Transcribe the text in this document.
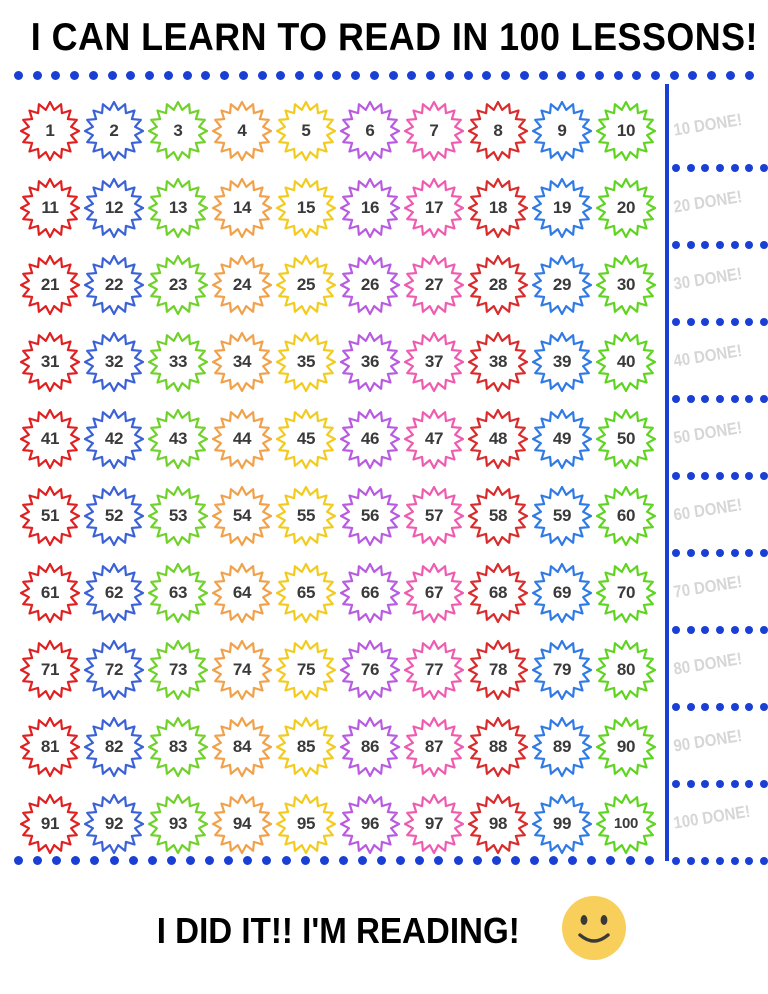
I CAN LEARN TO READ IN 100 LESSONS!
1	2	3	4	5	6	7	8	9	10
11	12	13	14	15	16	17	18	19	20
21	22	23	24	25	26	27	28	29	30
31	32	33	34	35	36	37	38	39	40
41	42	43	44	45	46	47	48	49	50
51	52	53	54	55	56	57	58	59	60
61	62	63	64	65	66	67	68	69	70
71	72	73	74	75	76	77	78	79	80
81	82	83	84	85	86	87	88	89	90
91	92	93	94	95	96	97	98	99	100
10 DONE!
20 DONE!
30 DONE!
40 DONE!
50 DONE!
60 DONE!
70 DONE!
80 DONE!
90 DONE!
100 DONE!
I DID IT!! I'M READING!
